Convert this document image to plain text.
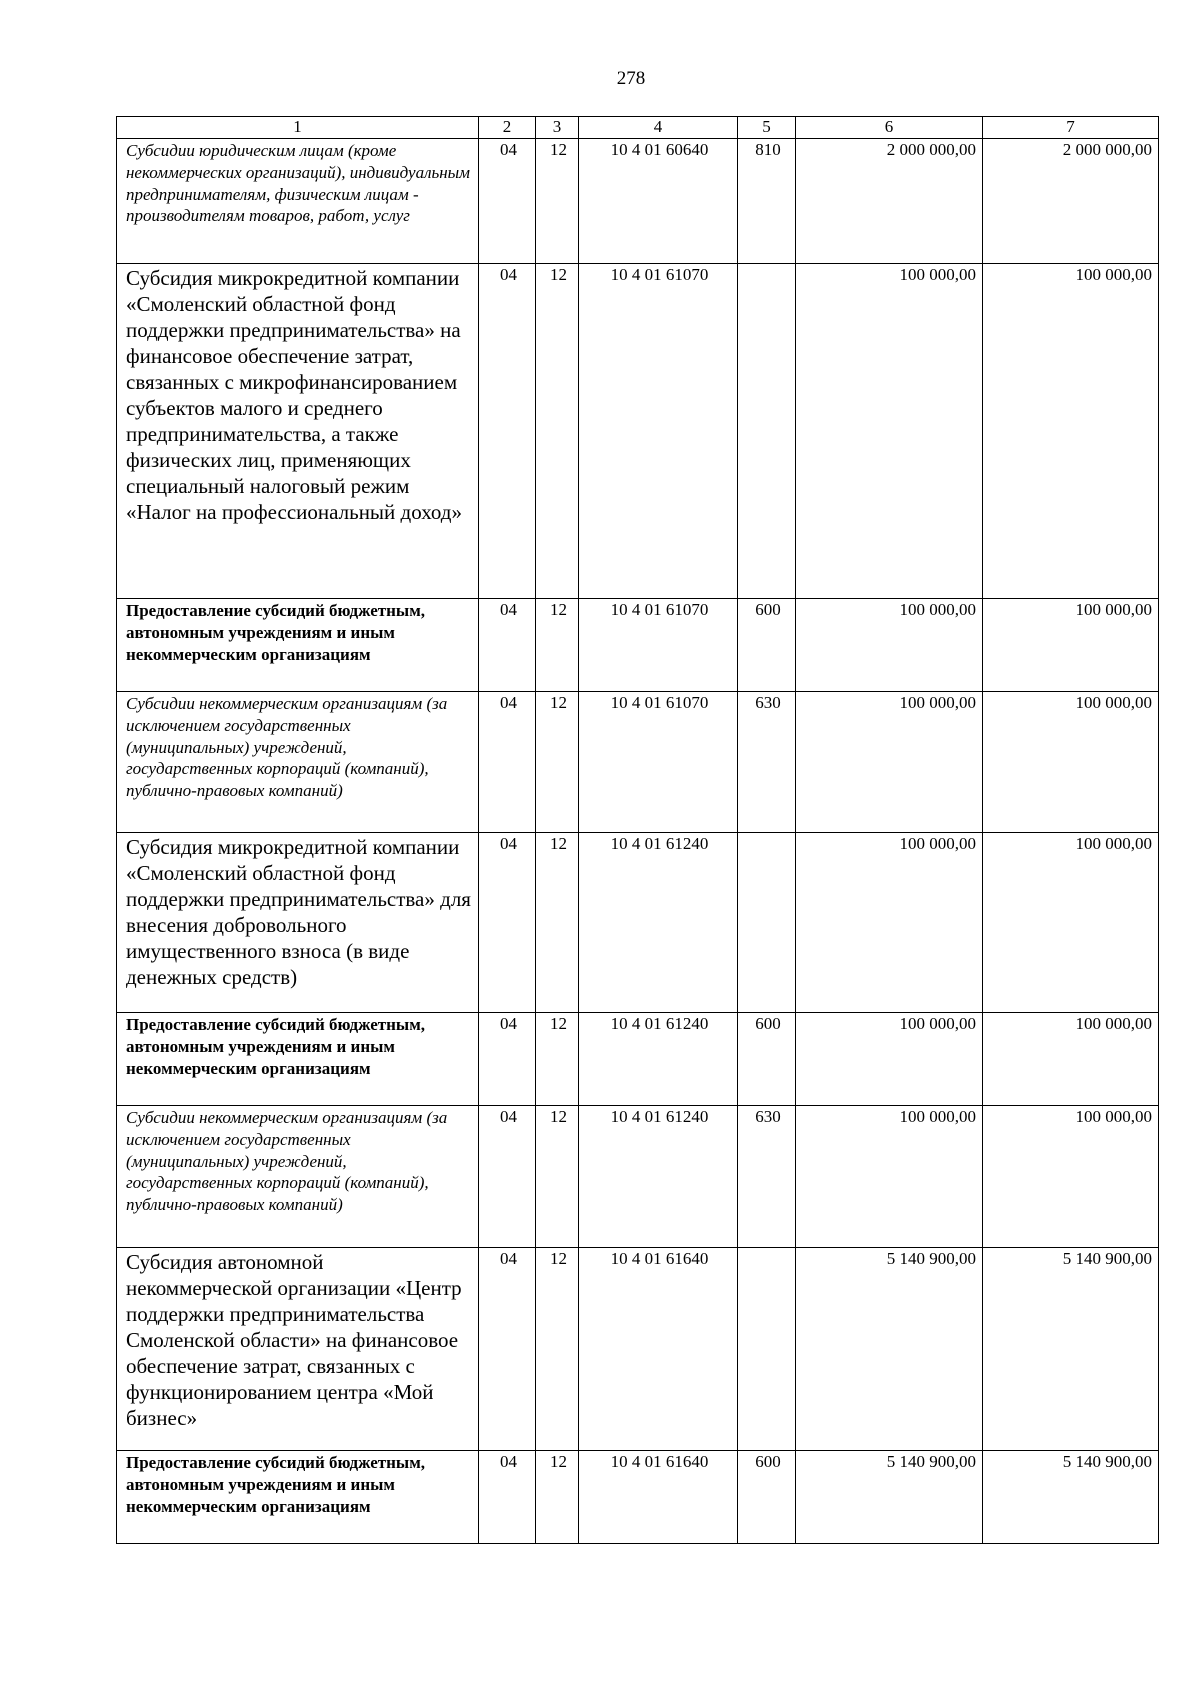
278
1	2	3	4	5	6	7
Субсидии юридическим лицам (кроме некоммерческих организаций), индивидуальным предпринимателям, физическим лицам - производителям товаров, работ, услуг	04	12	10 4 01 60640	810	2 000 000,00	2 000 000,00
Субсидия микрокредитной компании «Смоленский областной фонд поддержки предпринимательства» на финансовое обеспечение затрат, связанных с микрофинансированием субъектов малого и среднего предпринимательства, а также физических лиц, применяющих специальный налоговый режим «Налог на профессиональный доход»	04	12	10 4 01 61070		100 000,00	100 000,00
Предоставление субсидий бюджетным, автономным учреждениям и иным некоммерческим организациям	04	12	10 4 01 61070	600	100 000,00	100 000,00
Субсидии некоммерческим организациям (за исключением государственных (муниципальных) учреждений, государственных корпораций (компаний), публично-правовых компаний)	04	12	10 4 01 61070	630	100 000,00	100 000,00
Субсидия микрокредитной компании «Смоленский областной фонд поддержки предпринимательства» для внесения добровольного имущественного взноса (в виде денежных средств)	04	12	10 4 01 61240		100 000,00	100 000,00
Предоставление субсидий бюджетным, автономным учреждениям и иным некоммерческим организациям	04	12	10 4 01 61240	600	100 000,00	100 000,00
Субсидии некоммерческим организациям (за исключением государственных (муниципальных) учреждений, государственных корпораций (компаний), публично-правовых компаний)	04	12	10 4 01 61240	630	100 000,00	100 000,00
Субсидия автономной некоммерческой организации «Центр поддержки предпринимательства Смоленской области» на финансовое обеспечение затрат, связанных с функционированием центра «Мой бизнес»	04	12	10 4 01 61640		5 140 900,00	5 140 900,00
Предоставление субсидий бюджетным, автономным учреждениям и иным некоммерческим организациям	04	12	10 4 01 61640	600	5 140 900,00	5 140 900,00
